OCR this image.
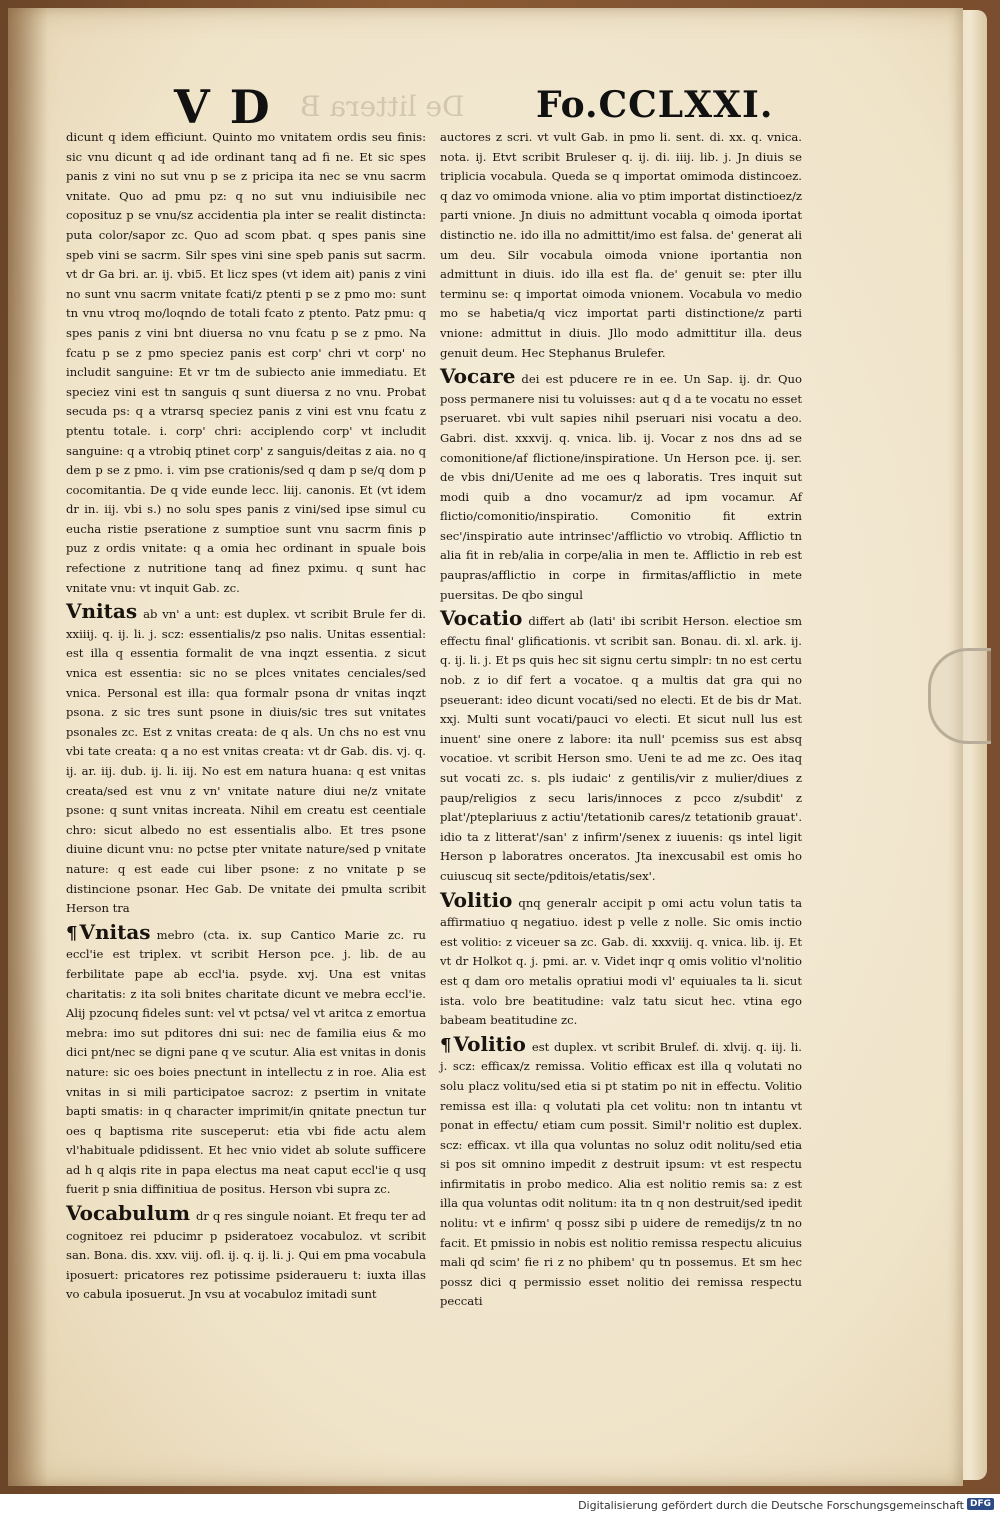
V D De littera B Fo.CCLXXI.

dicunt q idem efficiunt. Quinto mo vnitatem ordis seu finis: sic vnu dicunt q ad ide ordinant tanq ad fi ne. Et sic spes panis z vini no sut vnu p se z pricipa ita nec se vnu sacrm vnitate. Quo ad pmu pz: q no sut vnu indiuisibile nec coposituz p se vnu/sz accidentia pla inter se realit distincta: puta color/sapor zc. Quo ad scom pbat. q spes panis sine speb vini se sacrm. Silr spes vini sine speb panis sut sacrm. vt dr Ga bri. ar. ij. vbi5. Et licz spes (vt idem ait) panis z vini no sunt vnu sacrm vnitate fcati/z ptenti p se z pmo mo: sunt tn vnu vtroq mo/loqndo de totali fcato z ptento. Patz pmu: q spes panis z vini bnt diuersa no vnu fcatu p se z pmo. Na fcatu p se z pmo speciez panis est corp' chri vt corp' no includit sanguine: Et vr tm de subiecto anie immediatu. Et speciez vini est tn sanguis q sunt diuersa z no vnu. Probat secuda ps: q a vtrarsq speciez panis z vini est vnu fcatu z ptentu totale. i. corp' chri: acciplendo corp' vt includit sanguine: q a vtrobiq ptinet corp' z sanguis/deitas z aia. no q dem p se z pmo. i. vim pse crationis/sed q dam p se/q dom p cocomitantia. De q vide eunde lecc. liij. canonis. Et (vt idem dr in. iij. vbi s.) no solu spes panis z vini/sed ipse simul cu eucha ristie pseratione z sumptioe sunt vnu sacrm finis p puz z ordis vnitate: q a omia hec ordinant in spuale bois refectione z nutritione tanq ad finez pximu. q sunt hac vnitate vnu: vt inquit Gab. zc.

Vnitas ab vn' a unt: est duplex. vt scribit Brule fer di. xxiiij. q. ij. li. j. scz: essentialis/z pso nalis. Unitas essential: est illa q essentia formalit de vna inqzt essentia. z sicut vnica est essentia: sic no se plces vnitates cenciales/sed vnica. Personal est illa: qua formalr psona dr vnitas inqzt psona. z sic tres sunt psone in diuis/sic tres sut vnitates psonales zc. Est z vnitas creata: de q als. Un chs no est vnu vbi tate creata: q a no est vnitas creata: vt dr Gab. dis. vj. q. ij. ar. iij. dub. ij. li. iij. No est em natura huana: q est vnitas creata/sed est vnu z vn' vnitate nature diui ne/z vnitate psone: q sunt vnitas increata. Nihil em creatu est ceentiale chro: sicut albedo no est essentialis albo. Et tres psone diuine dicunt vnu: no pctse pter vnitate nature/sed p vnitate nature: q est eade cui liber psone: z no vnitate p se distincione psonar. Hec Gab. De vnitate dei pmulta scribit Herson tra

¶ Vnitas mebro (cta. ix. sup Cantico Marie zc. ru eccl'ie est triplex. vt scribit Herson pce. j. lib. de au ferbilitate pape ab eccl'ia. psyde. xvj. Una est vnitas charitatis: z ita soli bnites charitate dicunt ve mebra eccl'ie. Alij pzocunq fideles sunt: vel vt pctsa/ vel vt aritca z emortua mebra: imo sut pditores dni sui: nec de familia eius & mo dici pnt/nec se digni pane q ve scutur. Alia est vnitas in donis nature: sic oes boies pnectunt in intellectu z in roe. Alia est vnitas in si mili participatoe sacroz: z psertim in vnitate bapti smatis: in q character imprimit/in qnitate pnectun tur oes q baptisma rite susceperut: etia vbi fide actu alem vl'habituale pdidissent. Et hec vnio videt ab solute sufficere ad h q alqis rite in papa electus ma neat caput eccl'ie q usq fuerit p snia diffinitiua de positus. Herson vbi supra zc.

Vocabulum dr q res singule noiant. Et frequ ter ad cognitoez rei pducimr p psideratoez vocabuloz. vt scribit san. Bona. dis. xxv. viij. ofl. ij. q. ij. li. j. Qui em pma vocabula iposuert: pricatores rez potissime psideraueru t: iuxta illas vo cabula iposuerut. Jn vsu at vocabuloz imitadi sunt

auctores z scri. vt vult Gab. in pmo li. sent. di. xx. q. vnica. nota. ij. Etvt scribit Bruleser q. ij. di. iiij. lib. j. Jn diuis se triplicia vocabula. Queda se q importat omimoda distincoez. q daz vo omimoda vnione. alia vo ptim importat distinctioez/z parti vnione. Jn diuis no admittunt vocabla q oimoda iportat distinctio ne. ido illa no admittit/imo est falsa. de' generat ali um deu. Silr vocabula oimoda vnione iportantia non admittunt in diuis. ido illa est fla. de' genuit se: pter illu terminu se: q importat oimoda vnionem. Vocabula vo medio mo se habetia/q vicz importat parti distinctione/z parti vnione: admittut in diuis. Jllo modo admittitur illa. deus genuit deum. Hec Stephanus Brulefer.

Vocare dei est pducere re in ee. Un Sap. ij. dr. Quo poss permanere nisi tu voluisses: aut q d a te vocatu no esset pseruaret. vbi vult sapies nihil pseruari nisi vocatu a deo. Gabri. dist. xxxvij. q. vnica. lib. ij. Vocar z nos dns ad se comonitione/af flictione/inspiratione. Un Herson pce. ij. ser. de vbis dni/Uenite ad me oes q laboratis. Tres inquit sut modi quib a dno vocamur/z ad ipm vocamur. Af flictio/comonitio/inspiratio. Comonitio fit extrin sec'/inspiratio aute intrinsec'/afflictio vo vtrobiq. Afflictio tn alia fit in reb/alia in corpe/alia in men te. Afflictio in reb est paupras/afflictio in corpe in firmitas/afflictio in mete puersitas. De qbo singul

Vocatio differt ab (lati' ibi scribit Herson. electioe sm effectu final' glificationis. vt scribit san. Bonau. di. xl. ark. ij. q. ij. li. j. Et ps quis hec sit signu certu simplr: tn no est certu nob. z io dif fert a vocatoe. q a multis dat gra qui no pseuerant: ideo dicunt vocati/sed no electi. Et de bis dr Mat. xxj. Multi sunt vocati/pauci vo electi. Et sicut null lus est inuent' sine onere z labore: ita null' pcemiss sus est absq vocatioe. vt scribit Herson smo. Ueni te ad me zc. Oes itaq sut vocati zc. s. pls iudaic' z gentilis/vir z mulier/diues z paup/religios z secu laris/innoces z pcco z/subdit' z plat'/pteplariuus z actiu'/tetationib cares/z tetationib grauat'. idio ta z litterat'/san' z infirm'/senex z iuuenis: qs intel ligit Herson p laboratres onceratos. Jta inexcusabil est omis ho cuiuscuq sit secte/pditois/etatis/sex'.

Volitio qnq generalr accipit p omi actu volun tatis ta affirmatiuo q negatiuo. idest p velle z nolle. Sic omis inctio est volitio: z viceuer sa zc. Gab. di. xxxviij. q. vnica. lib. ij. Et vt dr Holkot q. j. pmi. ar. v. Videt inqr q omis volitio vl'nolitio est q dam oro metalis opratiui modi vl' equiuales ta li. sicut ista. volo bre beatitudine: valz tatu sicut hec. vtina ego babeam beatitudine zc.

¶ Volitio est duplex. vt scribit Brulef. di. xlvij. q. iij. li. j. scz: efficax/z remissa. Volitio efficax est illa q volutati no solu placz volitu/sed etia si pt statim po nit in effectu. Volitio remissa est illa: q volutati pla cet volitu: non tn intantu vt ponat in effectu/ etiam cum possit. Simil'r nolitio est duplex. scz: efficax. vt illa qua voluntas no soluz odit nolitu/sed etia si pos sit omnino impedit z destruit ipsum: vt est respectu infirmitatis in probo medico. Alia est nolitio remis sa: z est illa qua voluntas odit nolitum: ita tn q non destruit/sed ipedit nolitu: vt e infirm' q possz sibi p uidere de remedijs/z tn no facit. Et pmissio in nobis est nolitio remissa respectu alicuius mali qd scim' fie ri z no phibem' qu tn possemus. Et sm hec possz dici q permissio esset nolitio dei remissa respectu peccati

Digitalisierung gefördert durch die Deutsche Forschungsgemeinschaft DFG
